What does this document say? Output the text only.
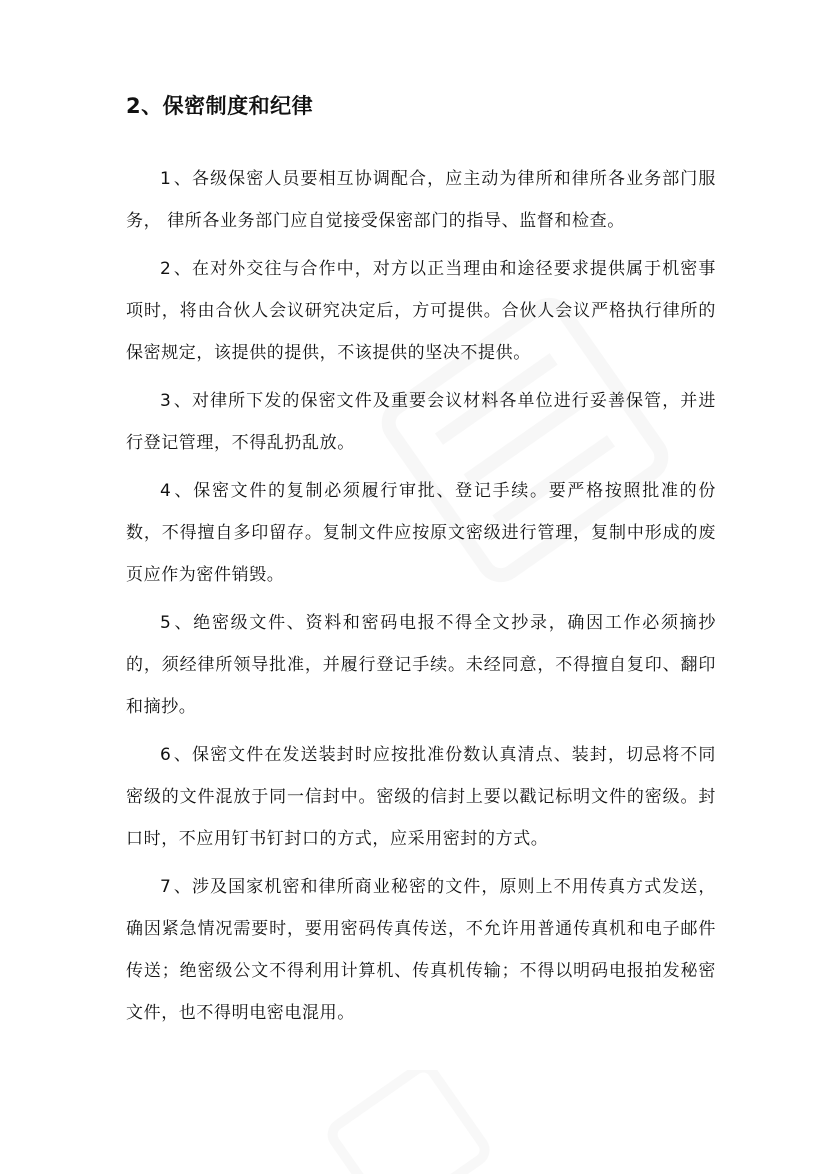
2、保密制度和纪律

1 、各级保密人员要相互协调配合，应主动为律所和律所各业务部门服务， 律所各业务部门应自觉接受保密部门的指导、监督和检查。

2 、在对外交往与合作中，对方以正当理由和途径要求提供属于机密事项时，将由合伙人会议研究决定后，方可提供。合伙人会议严格执行律所的保密规定，该提供的提供，不该提供的坚决不提供。

3 、对律所下发的保密文件及重要会议材料各单位进行妥善保管，并进行登记管理，不得乱扔乱放。

4 、保密文件的复制必须履行审批、登记手续。要严格按照批准的份数，不得擅自多印留存。复制文件应按原文密级进行管理，复制中形成的废页应作为密件销毁。

5 、绝密级文件、资料和密码电报不得全文抄录，确因工作必须摘抄的，须经律所领导批准，并履行登记手续。未经同意，不得擅自复印、翻印和摘抄。

6 、保密文件在发送装封时应按批准份数认真清点、装封，切忌将不同密级的文件混放于同一信封中。密级的信封上要以戳记标明文件的密级。封口时，不应用钉书钉封口的方式，应采用密封的方式。

7 、涉及国家机密和律所商业秘密的文件，原则上不用传真方式发送，确因紧急情况需要时，要用密码传真传送，不允许用普通传真机和电子邮件传送；绝密级公文不得利用计算机、传真机传输；不得以明码电报拍发秘密文件，也不得明电密电混用。
